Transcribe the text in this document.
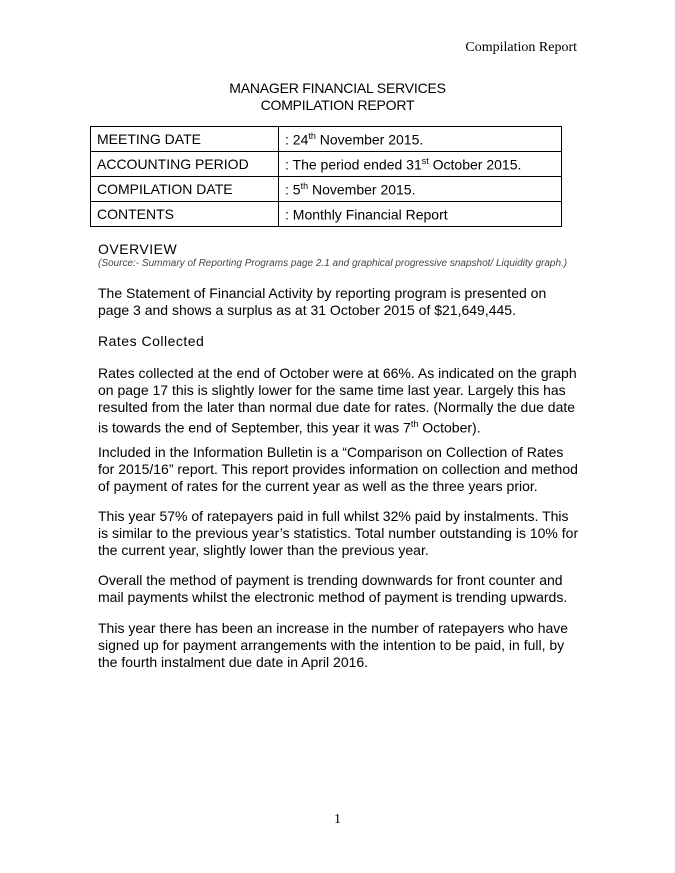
Compilation Report
MANAGER FINANCIAL SERVICES
COMPILATION REPORT
MEETING DATE	: 24th November 2015.
ACCOUNTING PERIOD	: The period ended 31st October 2015.
COMPILATION DATE	: 5th November 2015.
CONTENTS	: Monthly Financial Report
OVERVIEW
(Source:- Summary of Reporting Programs page 2.1 and graphical progressive snapshot/ Liquidity graph.)

The Statement of Financial Activity by reporting program is presented on page 3 and shows a surplus as at 31 October 2015 of $21,649,445.

Rates Collected

Rates collected at the end of October were at 66%. As indicated on the graph on page 17 this is slightly lower for the same time last year. Largely this has resulted from the later than normal due date for rates. (Normally the due date is towards the end of September, this year it was 7th October).

Included in the Information Bulletin is a “Comparison on Collection of Rates for 2015/16” report. This report provides information on collection and method of payment of rates for the current year as well as the three years prior.

This year 57% of ratepayers paid in full whilst 32% paid by instalments. This is similar to the previous year’s statistics. Total number outstanding is 10% for the current year, slightly lower than the previous year.

Overall the method of payment is trending downwards for front counter and mail payments whilst the electronic method of payment is trending upwards.

This year there has been an increase in the number of ratepayers who have signed up for payment arrangements with the intention to be paid, in full, by the fourth instalment due date in April 2016.

1
